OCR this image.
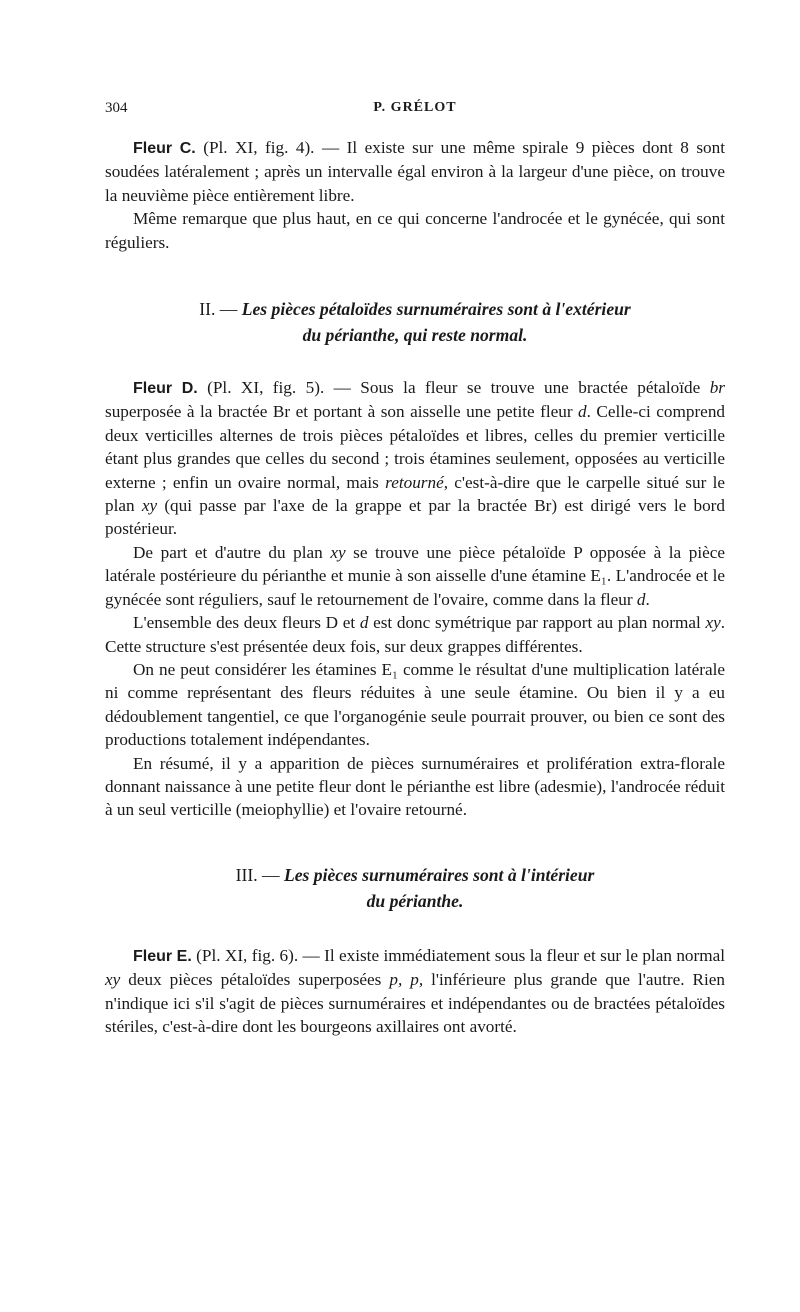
304	P. GRÉLOT

Fleur C. (Pl. XI, fig. 4). — Il existe sur une même spirale 9 pièces dont 8 sont soudées latéralement ; après un intervalle égal environ à la largeur d'une pièce, on trouve la neuvième pièce entièrement libre.

Même remarque que plus haut, en ce qui concerne l'androcée et le gynécée, qui sont réguliers.

II. — Les pièces pétaloïdes surnuméraires sont à l'extérieur
du périanthe, qui reste normal.

Fleur D. (Pl. XI, fig. 5). — Sous la fleur se trouve une bractée pétaloïde br superposée à la bractée Br et portant à son aisselle une petite fleur d. Celle-ci comprend deux verticilles alternes de trois pièces pétaloïdes et libres, celles du premier verticille étant plus grandes que celles du second ; trois étamines seulement, opposées au verticille externe ; enfin un ovaire normal, mais retourné, c'est-à-dire que le carpelle situé sur le plan xy (qui passe par l'axe de la grappe et par la bractée Br) est dirigé vers le bord postérieur.

De part et d'autre du plan xy se trouve une pièce pétaloïde P opposée à la pièce latérale postérieure du périanthe et munie à son aisselle d'une étamine E₁. L'androcée et le gynécée sont réguliers, sauf le retournement de l'ovaire, comme dans la fleur d.

L'ensemble des deux fleurs D et d est donc symétrique par rapport au plan normal xy. Cette structure s'est présentée deux fois, sur deux grappes différentes.

On ne peut considérer les étamines E₁ comme le résultat d'une multiplication latérale ni comme représentant des fleurs réduites à une seule étamine. Ou bien il y a eu dédoublement tangentiel, ce que l'organogénie seule pourrait prouver, ou bien ce sont des productions totalement indépendantes.

En résumé, il y a apparition de pièces surnuméraires et prolifération extra-florale donnant naissance à une petite fleur dont le périanthe est libre (adesmie), l'androcée réduit à un seul verticille (meiophyllie) et l'ovaire retourné.

III. — Les pièces surnuméraires sont à l'intérieur
du périanthe.

Fleur E. (Pl. XI, fig. 6). — Il existe immédiatement sous la fleur et sur le plan normal xy deux pièces pétaloïdes superposées p, p, l'inférieure plus grande que l'autre. Rien n'indique ici s'il s'agit de pièces surnuméraires et indépendantes ou de bractées pétaloïdes stériles, c'est-à-dire dont les bourgeons axillaires ont avorté.
